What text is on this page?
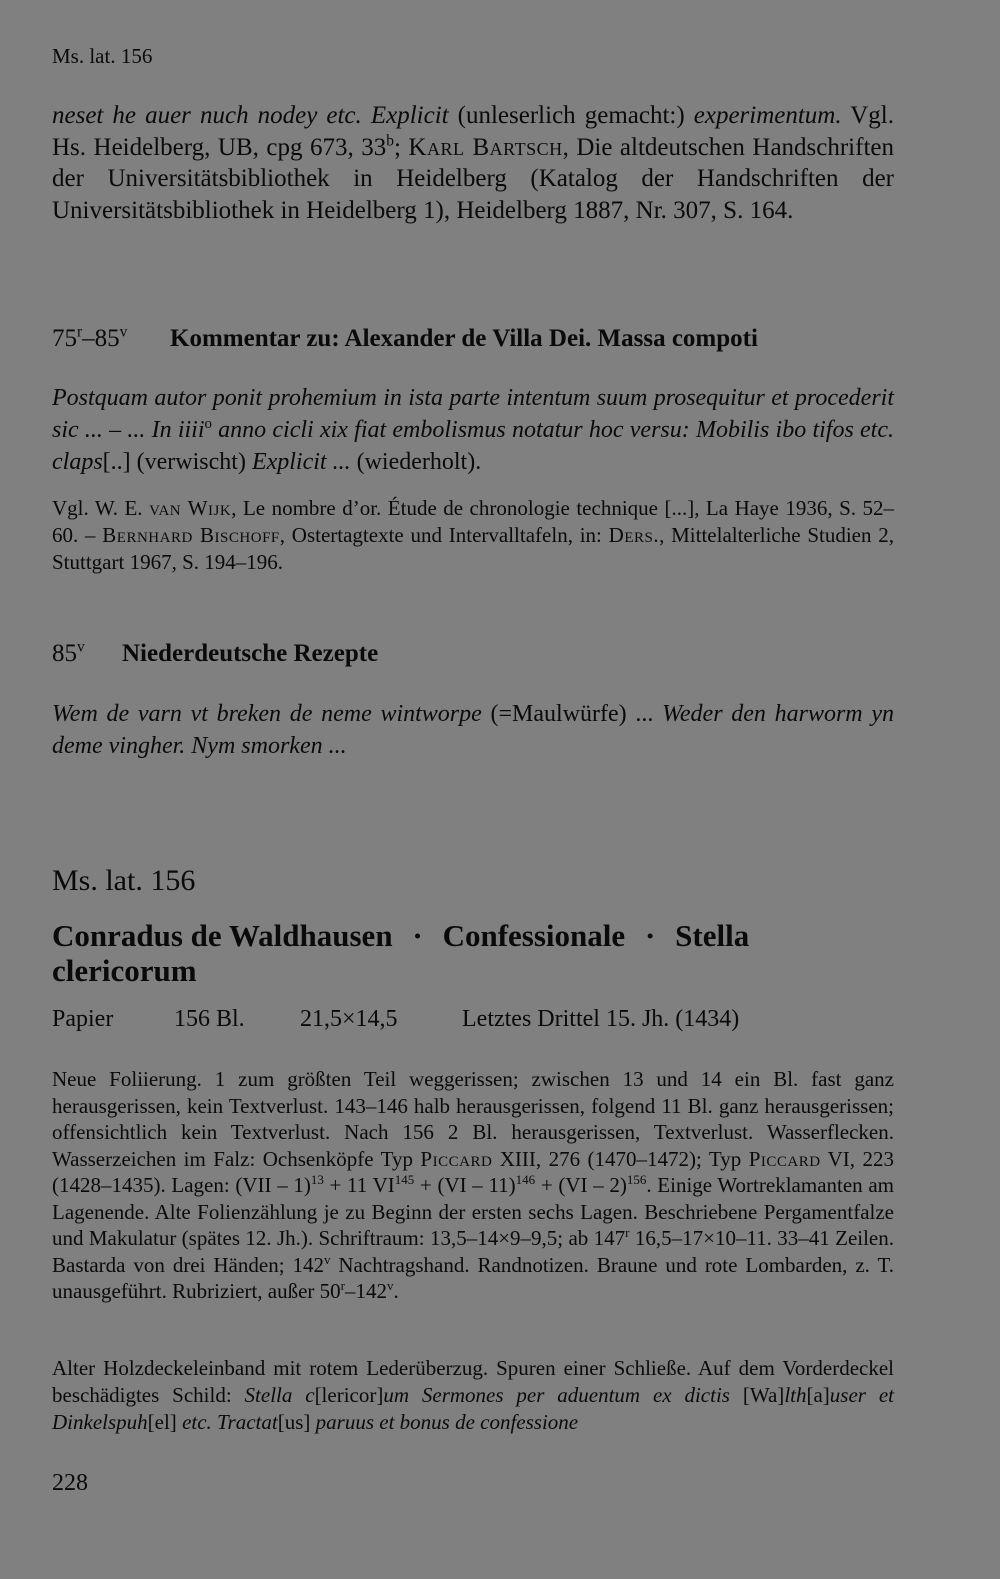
Ms. lat. 156

neset he auer nuch nodey etc. Explicit (unleserlich gemacht:) experimentum. Vgl. Hs. Heidelberg, UB, cpg 673, 33$^b$; Karl Bartsch, Die altdeutschen Handschriften der Universitätsbibliothek in Heidelberg (Katalog der Handschriften der Universitätsbibliothek in Heidelberg 1), Heidelberg 1887, Nr. 307, S. 164.

75$^r$–85$^v$ Kommentar zu: Alexander de Villa Dei. Massa compoti

Postquam autor ponit prohemium in ista parte intentum suum prosequitur et procederit sic ... – ... In iiii$^o$ anno cicli xix fiat embolismus notatur hoc versu: Mobilis ibo tifos etc. claps[..] (verwischt) Explicit ... (wiederholt).

Vgl. W. E. van Wijk, Le nombre d’or. Étude de chronologie technique [...], La Haye 1936, S. 52–60. – Bernhard Bischoff, Ostertagtexte und Intervalltafeln, in: Ders., Mittelalterliche Studien 2, Stuttgart 1967, S. 194–196.

85$^v$ Niederdeutsche Rezepte

Wem de varn vt breken de neme wintworpe (=Maulwürfe) ... Weder den harworm yn deme vingher. Nym smorken ...

Ms. lat. 156
Conradus de Waldhausen · Confessionale · Stella clericorum
Papier	156 Bl. 21,5×14,5	Letztes Drittel 15. Jh. (1434)

Neue Foliierung. 1 zum größten Teil weggerissen; zwischen 13 und 14 ein Bl. fast ganz herausgerissen, kein Textverlust. 143–146 halb herausgerissen, folgend 11 Bl. ganz herausgerissen; offensichtlich kein Textverlust. Nach 156 2 Bl. herausgerissen, Textverlust. Wasserflecken. Wasserzeichen im Falz: Ochsenköpfe Typ Piccard XIII, 276 (1470–1472); Typ Piccard VI, 223 (1428–1435). Lagen: (VII – 1)$^{13}$ + 11 $VI^{145} + (VI - 11)^{146} + (VI - 2)^{156}$. Einige Wortreklamanten am Lagenende. Alte Folienzählung je zu Beginn der ersten sechs Lagen. Beschriebene Pergamentfalze und Makulatur (spätes 12. Jh.). Schriftraum: 13,5–14×9–9,5; ab 147$^r$ 16,5–17×10–11. 33–41 Zeilen. Bastarda von drei Händen; 142$^v$ Nachtragshand. Randnotizen. Braune und rote Lombarden, z. T. unausgeführt. Rubriziert, außer 50$^r$–142$^v$.

Alter Holzdeckeleinband mit rotem Lederüberzug. Spuren einer Schließe. Auf dem Vorderdeckel beschädigtes Schild: Stella c[lericor]um Sermones per aduentum ex dictis [Wa]lth[a]user et Dinkelspuh[el] etc. Tractat[us] paruus et bonus de confessione

228
